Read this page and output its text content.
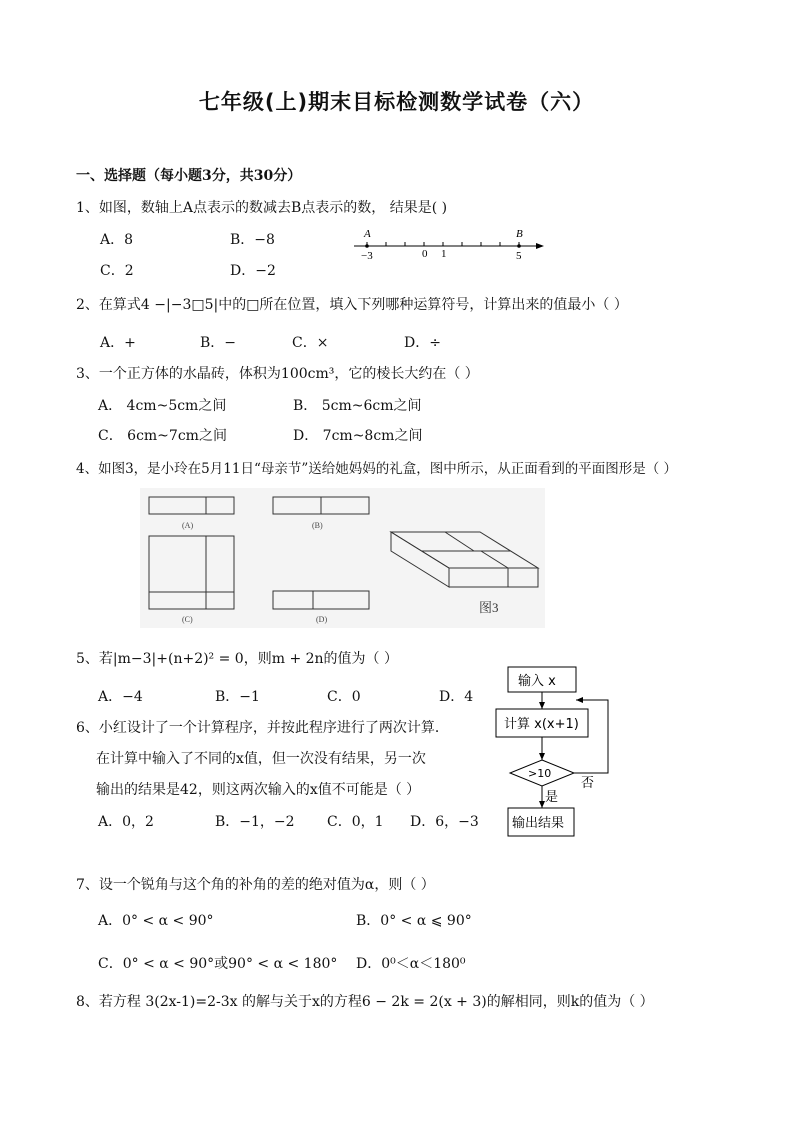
七年级(上)期末目标检测数学试卷（六）
一、选择题（每小题3分，共30分）
1、如图，数轴上A点表示的数减去B点表示的数， 结果是( )
A．8	B．−8
C．2	D．−2
A	B
−3	0 1	5
2、在算式4 −|−3□5|中的□所在位置，填入下列哪种运算符号，计算出来的值最小（ ）
A．+	B．−	C．×	D．÷
3、一个正方体的水晶砖，体积为100cm³，它的棱长大约在（ ）
A． 4cm~5cm之间	B． 5cm~6cm之间
C． 6cm~7cm之间	D． 7cm~8cm之间
4、如图3，是小玲在5月11日“母亲节”送给她妈妈的礼盒，图中所示，从正面看到的平面图形是（ ）
(A)	(B)
(C)	(D)
图3
5、若|m−3|+(n+2)² = 0，则m + 2n的值为（ ）
A．−4	B．−1	C．0	D．4
6、小红设计了一个计算程序，并按此程序进行了两次计算．
在计算中输入了不同的x值，但一次没有结果，另一次
输出的结果是42，则这两次输入的x值不可能是（ ）
A．0，2	B．−1，−2 C．0，1 D．6，−3
输入 x
计算 x(x+1)
>10
否
是
输出结果
7、设一个锐角与这个角的补角的差的绝对值为α，则（ ）
A．0° < α < 90°	B．0° < α ⩽ 90°
C．0° < α < 90°或90° < α < 180° D．0⁰＜α＜180⁰
8、若方程 3(2x-1)=2-3x 的解与关于x的方程6 − 2k = 2(x + 3)的解相同，则k的值为（ ）
